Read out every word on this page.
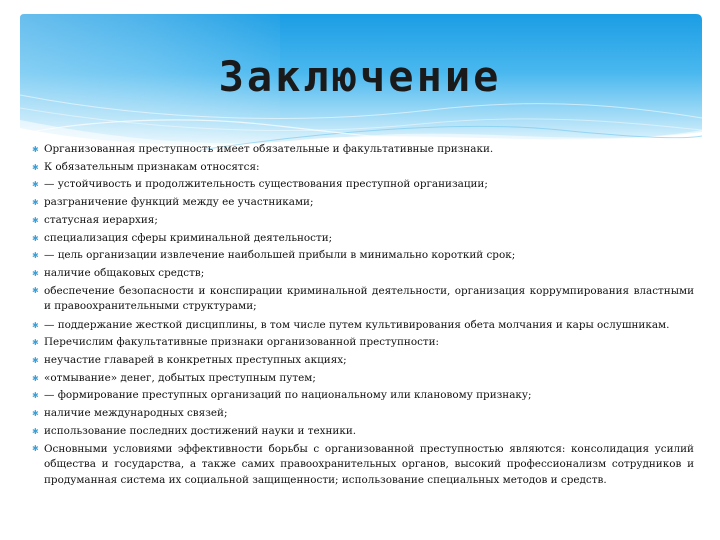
Заключение
✱ Организованная преступность имеет обязательные и факультативные признаки.
✱ К обязательным признакам относятся:
✱ — устойчивость и продолжительность существования преступной организации;
✱ разграничение функций между ее участниками;
✱ статусная иерархия;
✱ специализация сферы криминальной деятельности;
✱ — цель организации извлечение наибольшей прибыли в минимально короткий срок;
✱ наличие общаковых средств;
✱ обеспечение безопасности и конспирации криминальной деятельности, организация коррумпирования властными и правоохранительными структурами;
✱ — поддержание жесткой дисциплины, в том числе путем культивирования обета молчания и кары ослушникам.
✱ Перечислим факультативные признаки организованной преступности:
✱ неучастие главарей в конкретных преступных акциях;
✱ «отмывание» денег, добытых преступным путем;
✱ — формирование преступных организаций по национальному или клановому признаку;
✱ наличие международных связей;
✱ использование последних достижений науки и техники.
✱ Основными условиями эффективности борьбы с организованной преступностью являются: консолидация усилий общества и государства, а также самих правоохранительных органов, высокий профессионализм сотрудников и продуманная система их социальной защищенности; использование специальных методов и средств.
